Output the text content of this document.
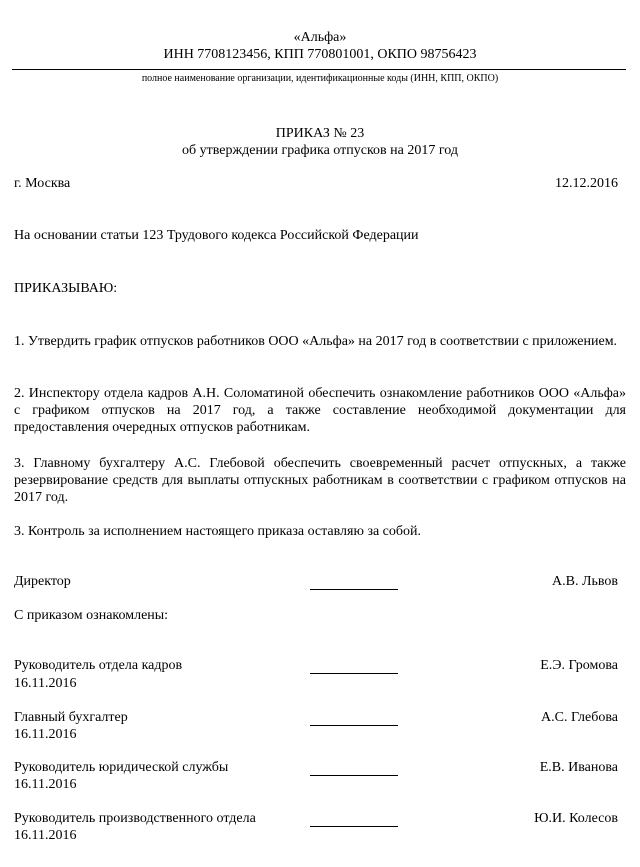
«Альфа»
ИНН 7708123456, КПП 770801001, ОКПО 98756423
полное наименование организации, идентификационные коды (ИНН, КПП, ОКПО)
ПРИКАЗ № 23
об утверждении графика отпусков на 2017 год
г. Москва	12.12.2016
На основании статьи 123 Трудового кодекса Российской Федерации
ПРИКАЗЫВАЮ:
1. Утвердить график отпусков работников ООО «Альфа» на 2017 год в соответствии с приложением.
2. Инспектору отдела кадров А.Н. Соломатиной обеспечить ознакомление работников ООО «Альфа» с графиком отпусков на 2017 год, а также составление необходимой документации для предоставления очередных отпусков работникам.
3. Главному бухгалтеру А.С. Глебовой обеспечить своевременный расчет отпускных, а также резервирование средств для выплаты отпускных работникам в соответствии с графиком отпусков на 2017 год.
3. Контроль за исполнением настоящего приказа оставляю за собой.
Директор	А.В. Львов
С приказом ознакомлены:
Руководитель отдела кадров
16.11.2016
Е.Э. Громова
Главный бухгалтер
16.11.2016
А.С. Глебова
Руководитель юридической службы
16.11.2016
Е.В. Иванова
Руководитель производственного отдела
16.11.2016
Ю.И. Колесов
